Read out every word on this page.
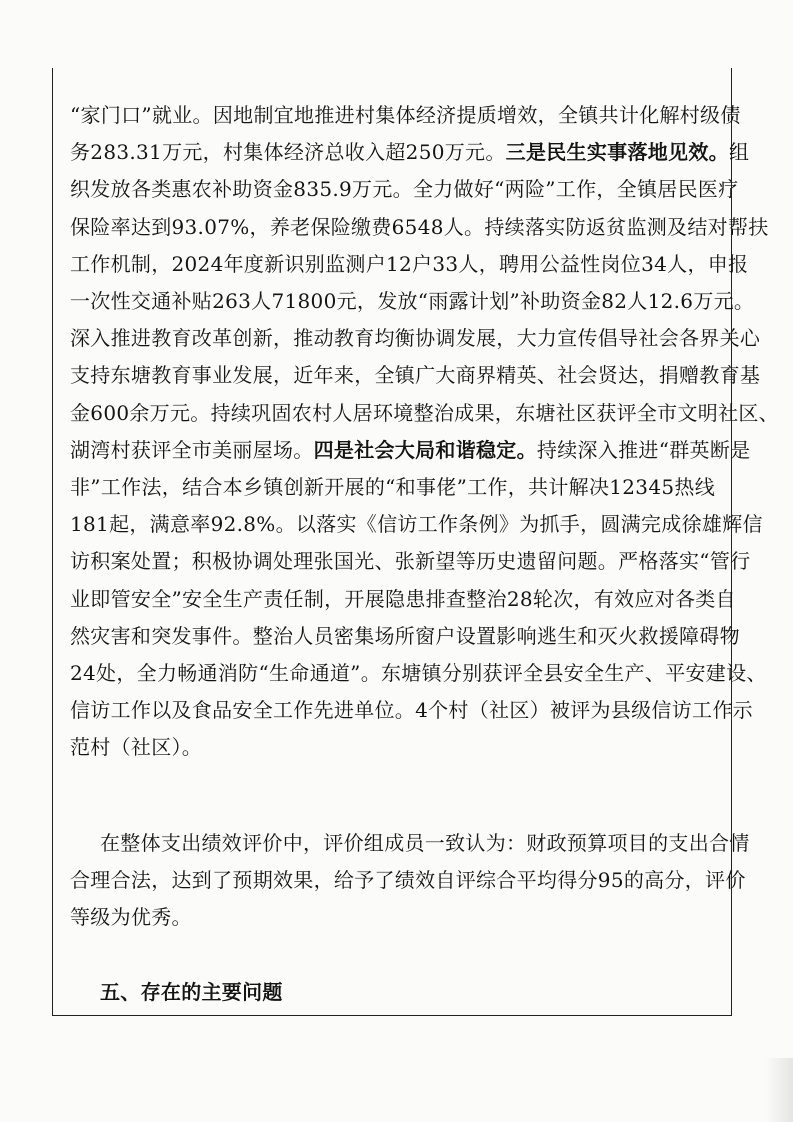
“家门口”就业。因地制宜地推进村集体经济提质增效，全镇共计化解村级债
务283.31万元，村集体经济总收入超250万元。三是民生实事落地见效。组
织发放各类惠农补助资金835.9万元。全力做好“两险”工作，全镇居民医疗
保险率达到93.07%，养老保险缴费6548人。持续落实防返贫监测及结对帮扶
工作机制，2024年度新识别监测户12户33人，聘用公益性岗位34人，申报
一次性交通补贴263人71800元，发放“雨露计划”补助资金82人12.6万元。
深入推进教育改革创新，推动教育均衡协调发展，大力宣传倡导社会各界关心
支持东塘教育事业发展，近年来，全镇广大商界精英、社会贤达，捐赠教育基
金600余万元。持续巩固农村人居环境整治成果，东塘社区获评全市文明社区、
湖湾村获评全市美丽屋场。四是社会大局和谐稳定。持续深入推进“群英断是
非”工作法，结合本乡镇创新开展的“和事佬”工作，共计解决12345热线
181起，满意率92.8%。以落实《信访工作条例》为抓手，圆满完成徐雄辉信
访积案处置；积极协调处理张国光、张新望等历史遗留问题。严格落实“管行
业即管安全”安全生产责任制，开展隐患排查整治28轮次，有效应对各类自
然灾害和突发事件。整治人员密集场所窗户设置影响逃生和灭火救援障碍物
24处，全力畅通消防“生命通道”。东塘镇分别获评全县安全生产、平安建设、
信访工作以及食品安全工作先进单位。4个村（社区）被评为县级信访工作示
范村（社区）。
在整体支出绩效评价中，评价组成员一致认为：财政预算项目的支出合情
合理合法，达到了预期效果，给予了绩效自评综合平均得分95的高分，评价
等级为优秀。
五、存在的主要问题
